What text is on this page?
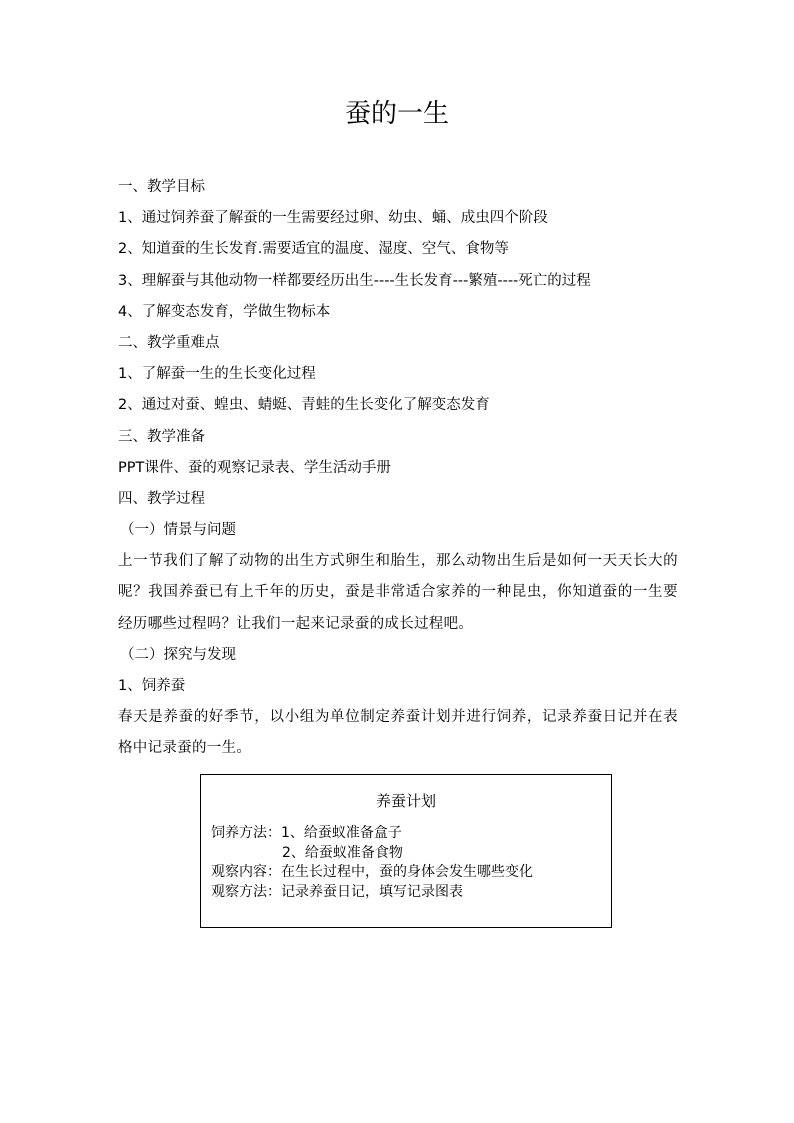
蚕的一生
一、教学目标
1、通过饲养蚕了解蚕的一生需要经过卵、幼虫、蛹、成虫四个阶段
2、知道蚕的生长发育.需要适宜的温度、湿度、空气、食物等
3、理解蚕与其他动物一样都要经历出生----生长发育---繁殖----死亡的过程
4、了解变态发育，学做生物标本
二、教学重难点
1、了解蚕一生的生长变化过程
2、通过对蚕、蝗虫、蜻蜓、青蛙的生长变化了解变态发育
三、教学准备
PPT课件、蚕的观察记录表、学生活动手册
四、教学过程
（一）情景与问题
上一节我们了解了动物的出生方式卵生和胎生，那么动物出生后是如何一天天长大的呢？我国养蚕已有上千年的历史，蚕是非常适合家养的一种昆虫，你知道蚕的一生要经历哪些过程吗？让我们一起来记录蚕的成长过程吧。
（二）探究与发现
1、饲养蚕
春天是养蚕的好季节，以小组为单位制定养蚕计划并进行饲养，记录养蚕日记并在表格中记录蚕的一生。
养蚕计划
饲养方法：1、给蚕蚁准备盒子
2、给蚕蚁准备食物
观察内容：在生长过程中，蚕的身体会发生哪些变化
观察方法：记录养蚕日记，填写记录图表
